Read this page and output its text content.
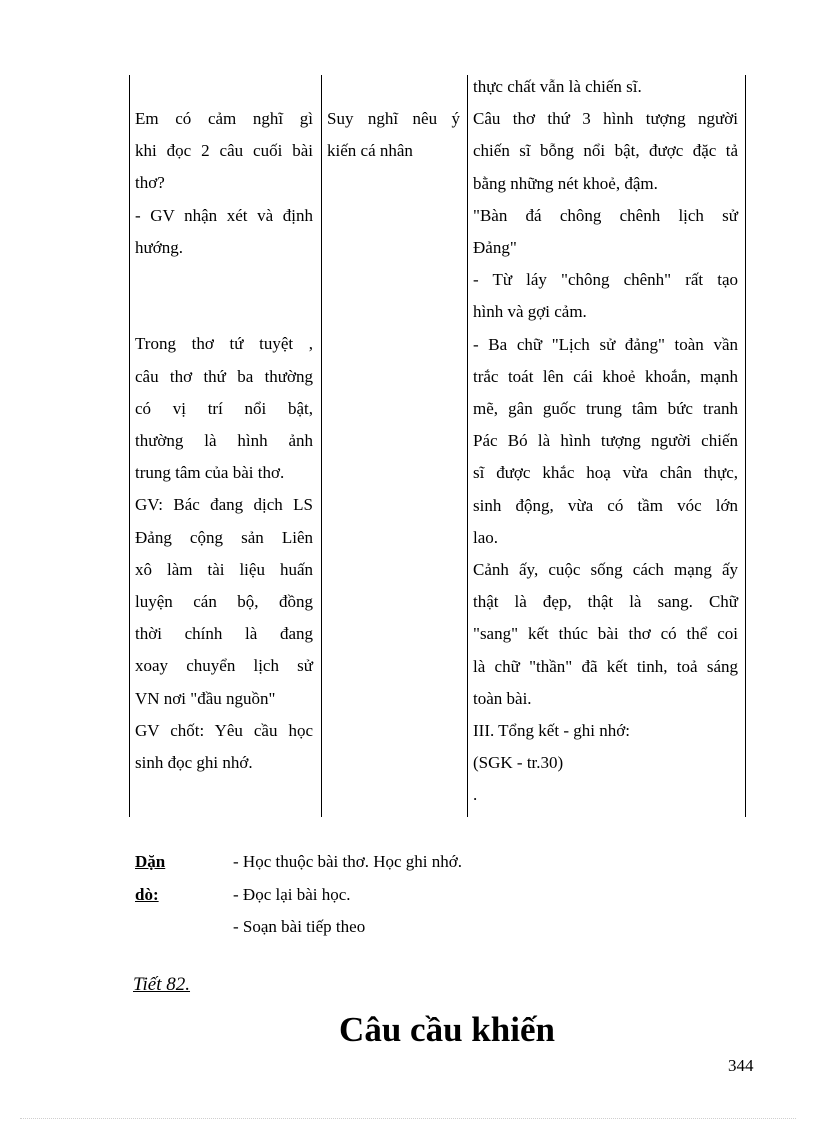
Em có cảm nghĩ gì
khi đọc 2 câu cuối bài
thơ?
- GV nhận xét và định
hướng.
Trong thơ tứ tuyệt ,
câu thơ thứ ba thường
có vị trí nổi bật,
thường là hình ảnh
trung tâm của bài thơ.
GV: Bác đang dịch LS
Đảng cộng sản Liên
xô làm tài liệu huấn
luyện cán bộ, đồng
thời chính là đang
xoay chuyển lịch sử
VN nơi "đầu nguồn"
GV chốt: Yêu cầu học
sinh đọc ghi nhớ.
Suy nghĩ nêu ý
kiến cá nhân
thực chất vẫn là chiến sĩ.
Câu thơ thứ 3 hình tượng người
chiến sĩ bỗng nổi bật, được đặc tả
bằng những nét khoẻ, đậm.
"Bàn đá chông chênh lịch sử
Đảng"
- Từ láy "chông chênh" rất tạo
hình và gợi cảm.
- Ba chữ "Lịch sử đảng" toàn vần
trắc toát lên cái khoẻ khoắn, mạnh
mẽ, gân guốc trung tâm bức tranh
Pác Bó là hình tượng người chiến
sĩ được khắc hoạ vừa chân thực,
sinh động, vừa có tầm vóc lớn
lao.
Cảnh ấy, cuộc sống cách mạng ấy
thật là đẹp, thật là sang. Chữ
"sang" kết thúc bài thơ có thể coi
là chữ "thần" đã kết tinh, toả sáng
toàn bài.
III. Tổng kết - ghi nhớ:
(SGK - tr.30)
.
Dặn dò:
- Học thuộc bài thơ. Học ghi nhớ.
- Đọc lại bài học.
- Soạn bài tiếp theo
Tiết 82.
Câu cầu khiến
344
